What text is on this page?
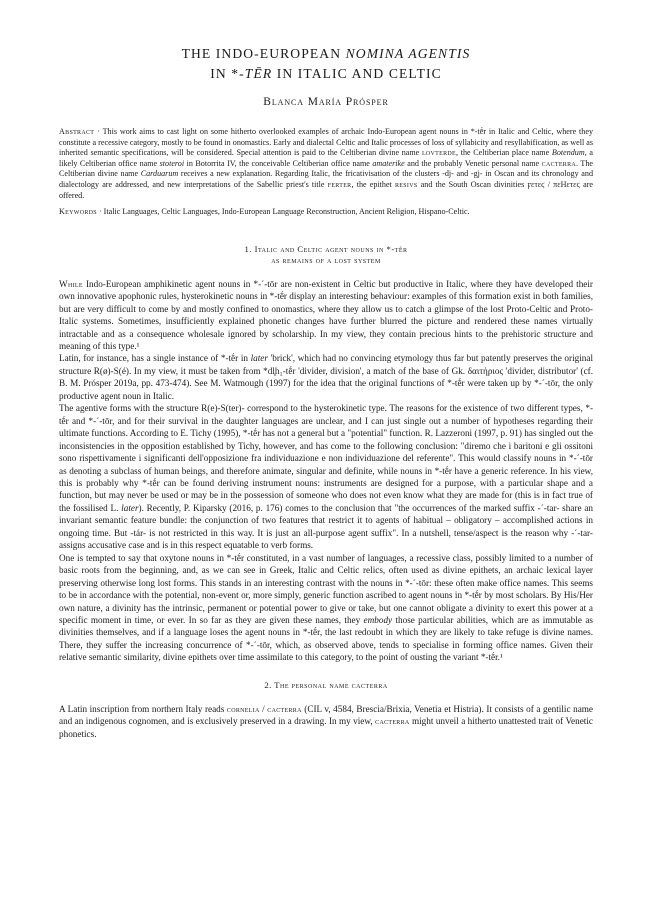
THE INDO-EUROPEAN NOMINA AGENTIS
IN *-TĒR IN ITALIC AND CELTIC
Blanca María Prósper
Abstract · This work aims to cast light on some hitherto overlooked examples of archaic Indo-European agent nouns in *-tḗr in Italic and Celtic, where they constitute a recessive category, mostly to be found in onomastics. Early and dialectal Celtic and Italic processes of loss of syllabicity and resyllabification, as well as inherited semantic specifications, will be considered. Special attention is paid to the Celtiberian divine name lovterde, the Celtiberian place name Botendum, a likely Celtiberian office name stoteroi in Botorrita IV, the conceivable Celtiberian office name amaterike and the probably Venetic personal name cacterra. The Celtiberian divine name Carduarum receives a new explanation. Regarding Italic, the fricativisation of the clusters -dj- and -gj- in Oscan and its chronology and dialectology are addressed, and new interpretations of the Sabellic priest's title ferter, the epithet resivs and the South Oscan divinities ϝετεϛ / πεΗετεϛ are offered.
Keywords · Italic Languages, Celtic Languages, Indo-European Language Reconstruction, Ancient Religion, Hispano-Celtic.
1. Italic and Celtic agent nouns in *-tḗr
as remains of a lost system

While Indo-European amphikinetic agent nouns in *-´-tōr are non-existent in Celtic but productive in Italic, where they have developed their own innovative apophonic rules, hysterokinetic nouns in *-tḗr display an interesting behaviour: examples of this formation exist in both families, but are very difficult to come by and mostly confined to onomastics, where they allow us to catch a glimpse of the lost Proto-Celtic and Proto-Italic systems. Sometimes, insufficiently explained phonetic changes have further blurred the picture and rendered these names virtually intractable and as a consequence wholesale ignored by scholarship. In my view, they contain precious hints to the prehistoric structure and meaning of this type.¹

Latin, for instance, has a single instance of *-tḗr in later 'brick', which had no convincing etymology thus far but patently preserves the original structure R(ø)-S(é). In my view, it must be taken from *dl̥h₁-tḗr 'divider, division', a match of the base of Gk. δαιτήριος 'divider, distributor' (cf. B. M. Prósper 2019a, pp. 473-474). See M. Watmough (1997) for the idea that the original functions of *-tḗr were taken up by *-´-tōr, the only productive agent noun in Italic.

The agentive forms with the structure R(e)-S(ter)- correspond to the hysterokinetic type. The reasons for the existence of two different types, *-tḗr and *-´-tōr, and for their survival in the daughter languages are unclear, and I can just single out a number of hypotheses regarding their ultimate functions. According to E. Tichy (1995), *-tḗr has not a general but a "potential" function. R. Lazzeroni (1997, p. 91) has singled out the inconsistencies in the opposition established by Tichy, however, and has come to the following conclusion: "diremo che i baritoni e gli ossitoni sono rispettivamente i significanti dell'opposizione fra individuazione e non individuazione del referente". This would classify nouns in *-´-tōr as denoting a subclass of human beings, and therefore animate, singular and definite, while nouns in *-tḗr have a generic reference. In his view, this is probably why *-tḗr can be found deriving instrument nouns: instruments are designed for a purpose, with a particular shape and a function, but may never be used or may be in the possession of someone who does not even know what they are made for (this is in fact true of the fossilised L. later). Recently, P. Kiparsky (2016, p. 176) comes to the conclusion that "the occurrences of the marked suffix -´-tar- share an invariant semantic feature bundle: the conjunction of two features that restrict it to agents of habitual – obligatory – accomplished actions in ongoing time. But -tár- is not restricted in this way. It is just an all-purpose agent suffix". In a nutshell, tense/aspect is the reason why -´-tar- assigns accusative case and is in this respect equatable to verb forms.

One is tempted to say that oxytone nouns in *-tḗr constituted, in a vast number of languages, a recessive class, possibly limited to a number of basic roots from the beginning, and, as we can see in Greek, Italic and Celtic relics, often used as divine epithets, an archaic lexical layer preserving otherwise long lost forms. This stands in an interesting contrast with the nouns in *-´-tōr: these often make office names. This seems to be in accordance with the potential, non-event or, more simply, generic function ascribed to agent nouns in *-tḗr by most scholars. By His/Her own nature, a divinity has the intrinsic, permanent or potential power to give or take, but one cannot obligate a divinity to exert this power at a specific moment in time, or ever. In so far as they are given these names, they embody those particular abilities, which are as immutable as divinities themselves, and if a language loses the agent nouns in *-tḗr, the last redoubt in which they are likely to take refuge is divine names. There, they suffer the increasing concurrence of *-´-tōr, which, as observed above, tends to specialise in forming office names. Given their relative semantic similarity, divine epithets over time assimilate to this category, to the point of ousting the variant *-tḗr.¹

2. The personal name cacterra

A Latin inscription from northern Italy reads cornelia / cacterra (CIL v, 4584, Brescia/Brixia, Venetia et Histria). It consists of a gentilic name and an indigenous cognomen, and is exclusively preserved in a drawing. In my view, cacterra might unveil a hitherto unattested trait of Venetic phonetics.
